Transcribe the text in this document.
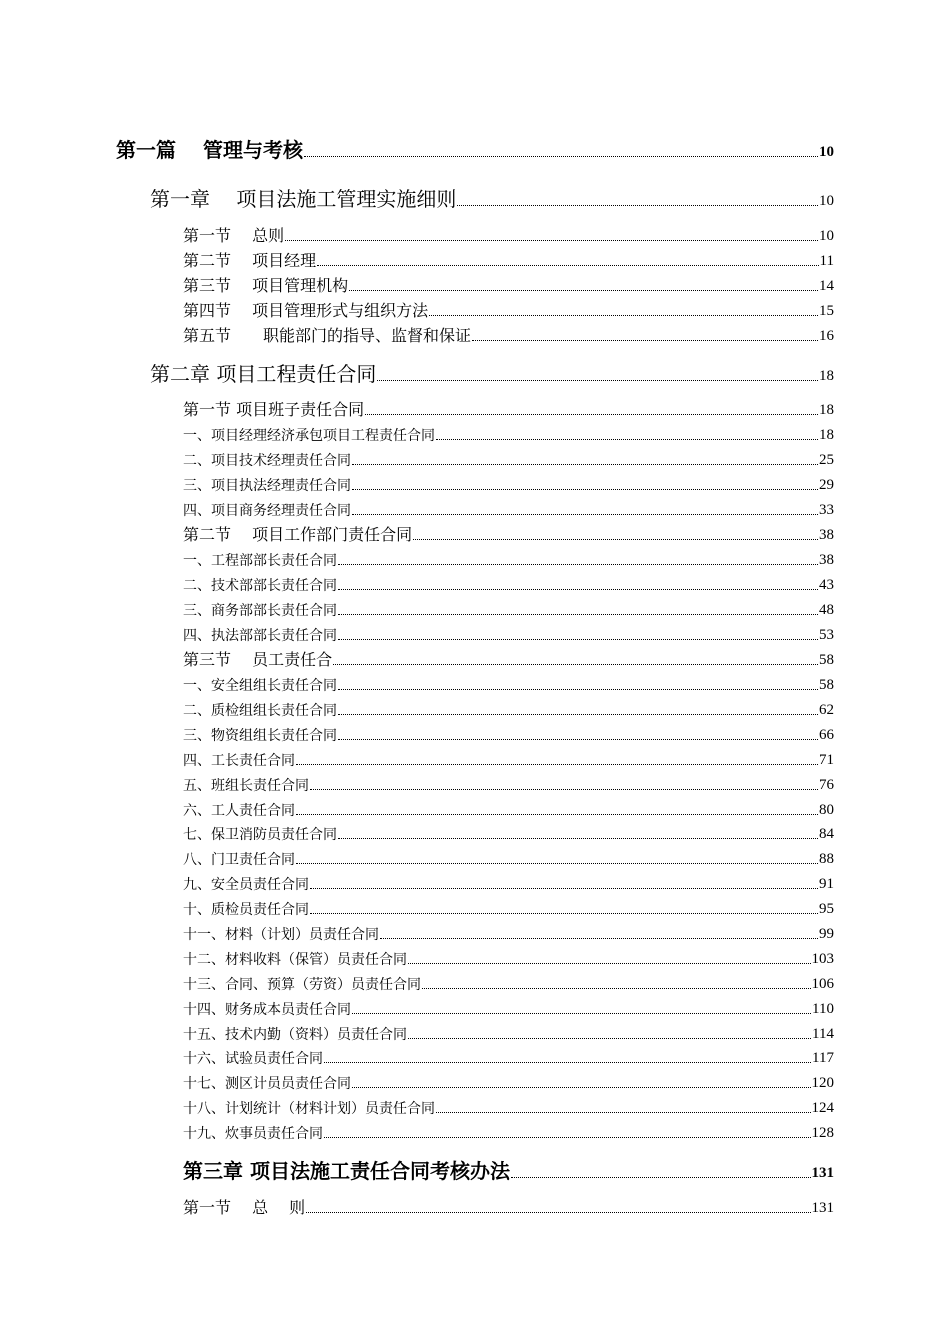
第一篇　 管理与考核	10
第一章　 项目法施工管理实施细则	10
第一节　 总则	10
第二节　 项目经理	11
第三节　 项目管理机构	14
第四节　 项目管理形式与组织方法	15
第五节　　职能部门的指导、监督和保证	16
第二章 项目工程责任合同	18
第一节 项目班子责任合同	18
一、项目经理经济承包项目工程责任合同	18
二、项目技术经理责任合同	25
三、项目执法经理责任合同	29
四、项目商务经理责任合同	33
第二节　 项目工作部门责任合同	38
一、工程部部长责任合同	38
二、技术部部长责任合同	43
三、商务部部长责任合同	48
四、执法部部长责任合同	53
第三节　 员工责任合	58
一、安全组组长责任合同	58
二、质检组组长责任合同	62
三、物资组组长责任合同	66
四、工长责任合同	71
五、班组长责任合同	76
六、工人责任合同	80
七、保卫消防员责任合同	84
八、门卫责任合同	88
九、安全员责任合同	91
十、质检员责任合同	95
十一、材料（计划）员责任合同	99
十二、材料收料（保管）员责任合同	103
十三、合同、预算（劳资）员责任合同	106
十四、财务成本员责任合同	110
十五、技术内勤（资料）员责任合同	114
十六、试验员责任合同	117
十七、测区计员员责任合同	120
十八、计划统计（材料计划）员责任合同	124
十九、炊事员责任合同	128
第三章 项目法施工责任合同考核办法	131
第一节　 总　 则	131
